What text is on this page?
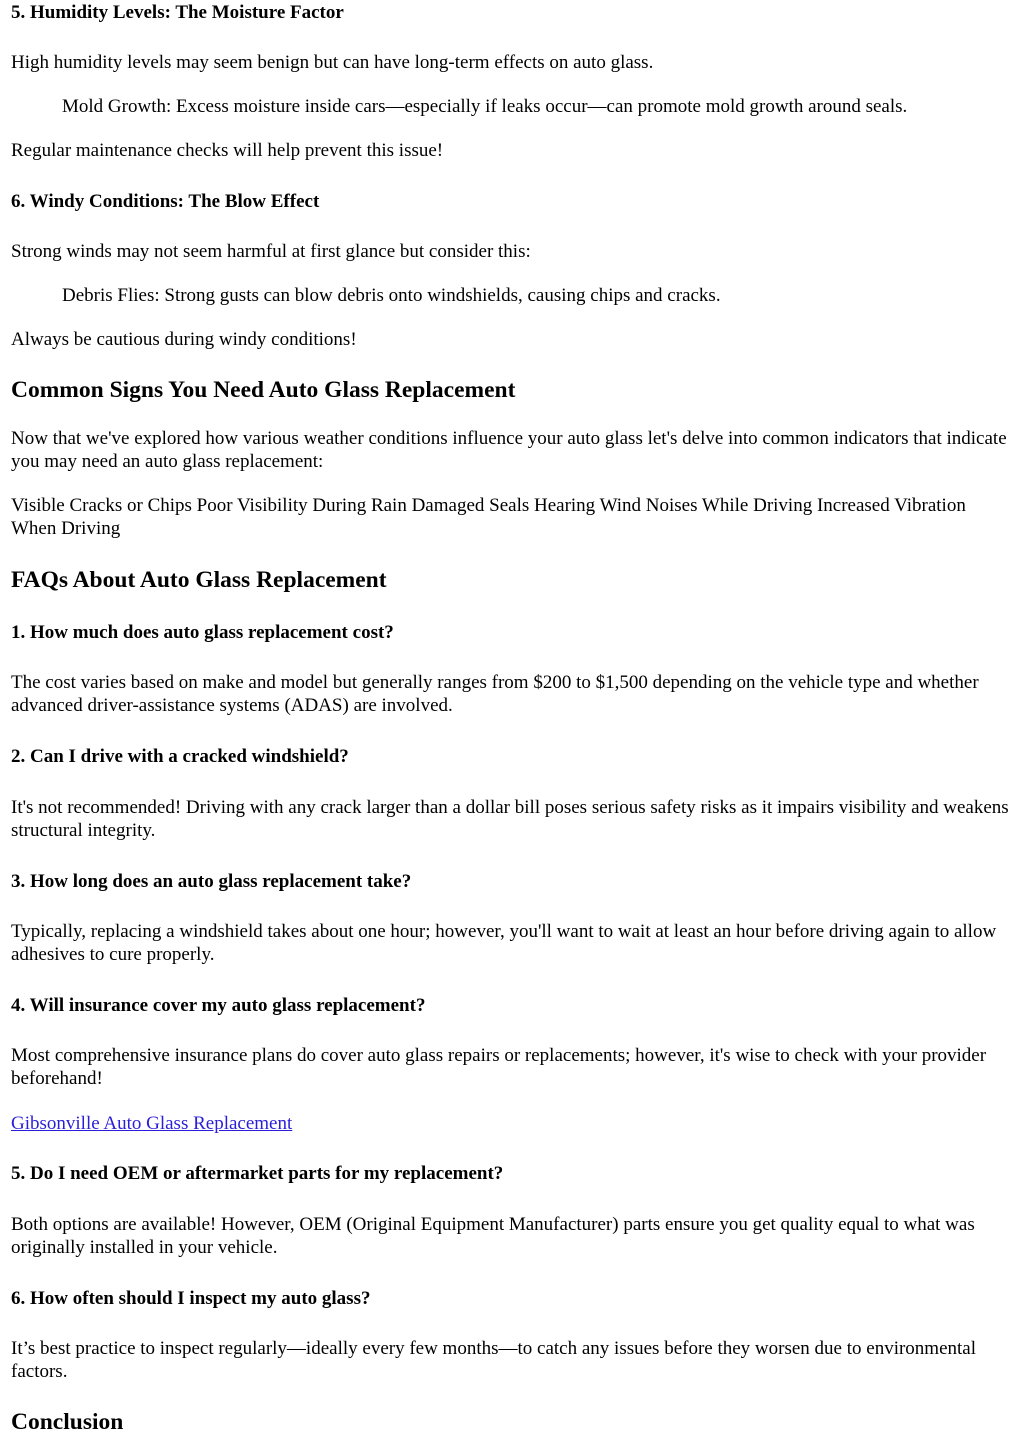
5. Humidity Levels: The Moisture Factor

High humidity levels may seem benign but can have long-term effects on auto glass.

Mold Growth: Excess moisture inside cars—especially if leaks occur—can promote mold growth around seals.

Regular maintenance checks will help prevent this issue!

6. Windy Conditions: The Blow Effect

Strong winds may not seem harmful at first glance but consider this:

Debris Flies: Strong gusts can blow debris onto windshields, causing chips and cracks.

Always be cautious during windy conditions!

Common Signs You Need Auto Glass Replacement

Now that we've explored how various weather conditions influence your auto glass let's delve into common indicators that indicate you may need an auto glass replacement:

Visible Cracks or Chips Poor Visibility During Rain Damaged Seals Hearing Wind Noises While Driving Increased Vibration When Driving

FAQs About Auto Glass Replacement
1. How much does auto glass replacement cost?

The cost varies based on make and model but generally ranges from $200 to $1,500 depending on the vehicle type and whether advanced driver-assistance systems (ADAS) are involved.

2. Can I drive with a cracked windshield?

It's not recommended! Driving with any crack larger than a dollar bill poses serious safety risks as it impairs visibility and weakens structural integrity.

3. How long does an auto glass replacement take?

Typically, replacing a windshield takes about one hour; however, you'll want to wait at least an hour before driving again to allow adhesives to cure properly.

4. Will insurance cover my auto glass replacement?

Most comprehensive insurance plans do cover auto glass repairs or replacements; however, it's wise to check with your provider beforehand!

Gibsonville Auto Glass Replacement

5. Do I need OEM or aftermarket parts for my replacement?

Both options are available! However, OEM (Original Equipment Manufacturer) parts ensure you get quality equal to what was originally installed in your vehicle.

6. How often should I inspect my auto glass?

It’s best practice to inspect regularly—ideally every few months—to catch any issues before they worsen due to environmental factors.

Conclusion
